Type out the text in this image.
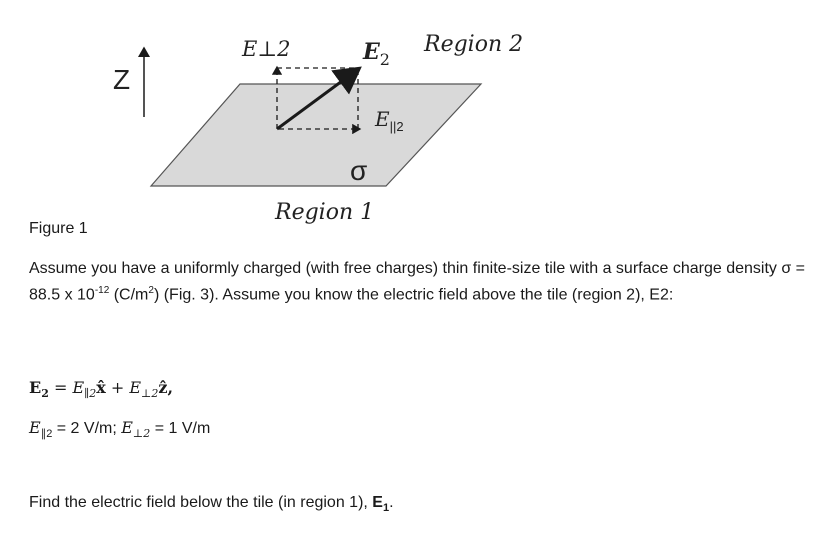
Z
E⊥2	$E_2$
$E_{||2}$
σ
Region 2
Region 1

Figure 1

Assume you have a uniformly charged (with free charges) thin finite-size tile with a surface charge density σ = 88.5 x $10^{-12}$ $(C/m^2)$ (Fig. 3). Assume you know the electric field above the tile (region 2), E2:

$E_2$ = $E_{\parallel 2}x̂$ + $E_{\perp 2}ẑ$,

$E_{\parallel 2} = 2$ V/m; $E_{\perp 2} = 1$ V/m

Find the electric field below the tile (in region 1), $E_1$.
